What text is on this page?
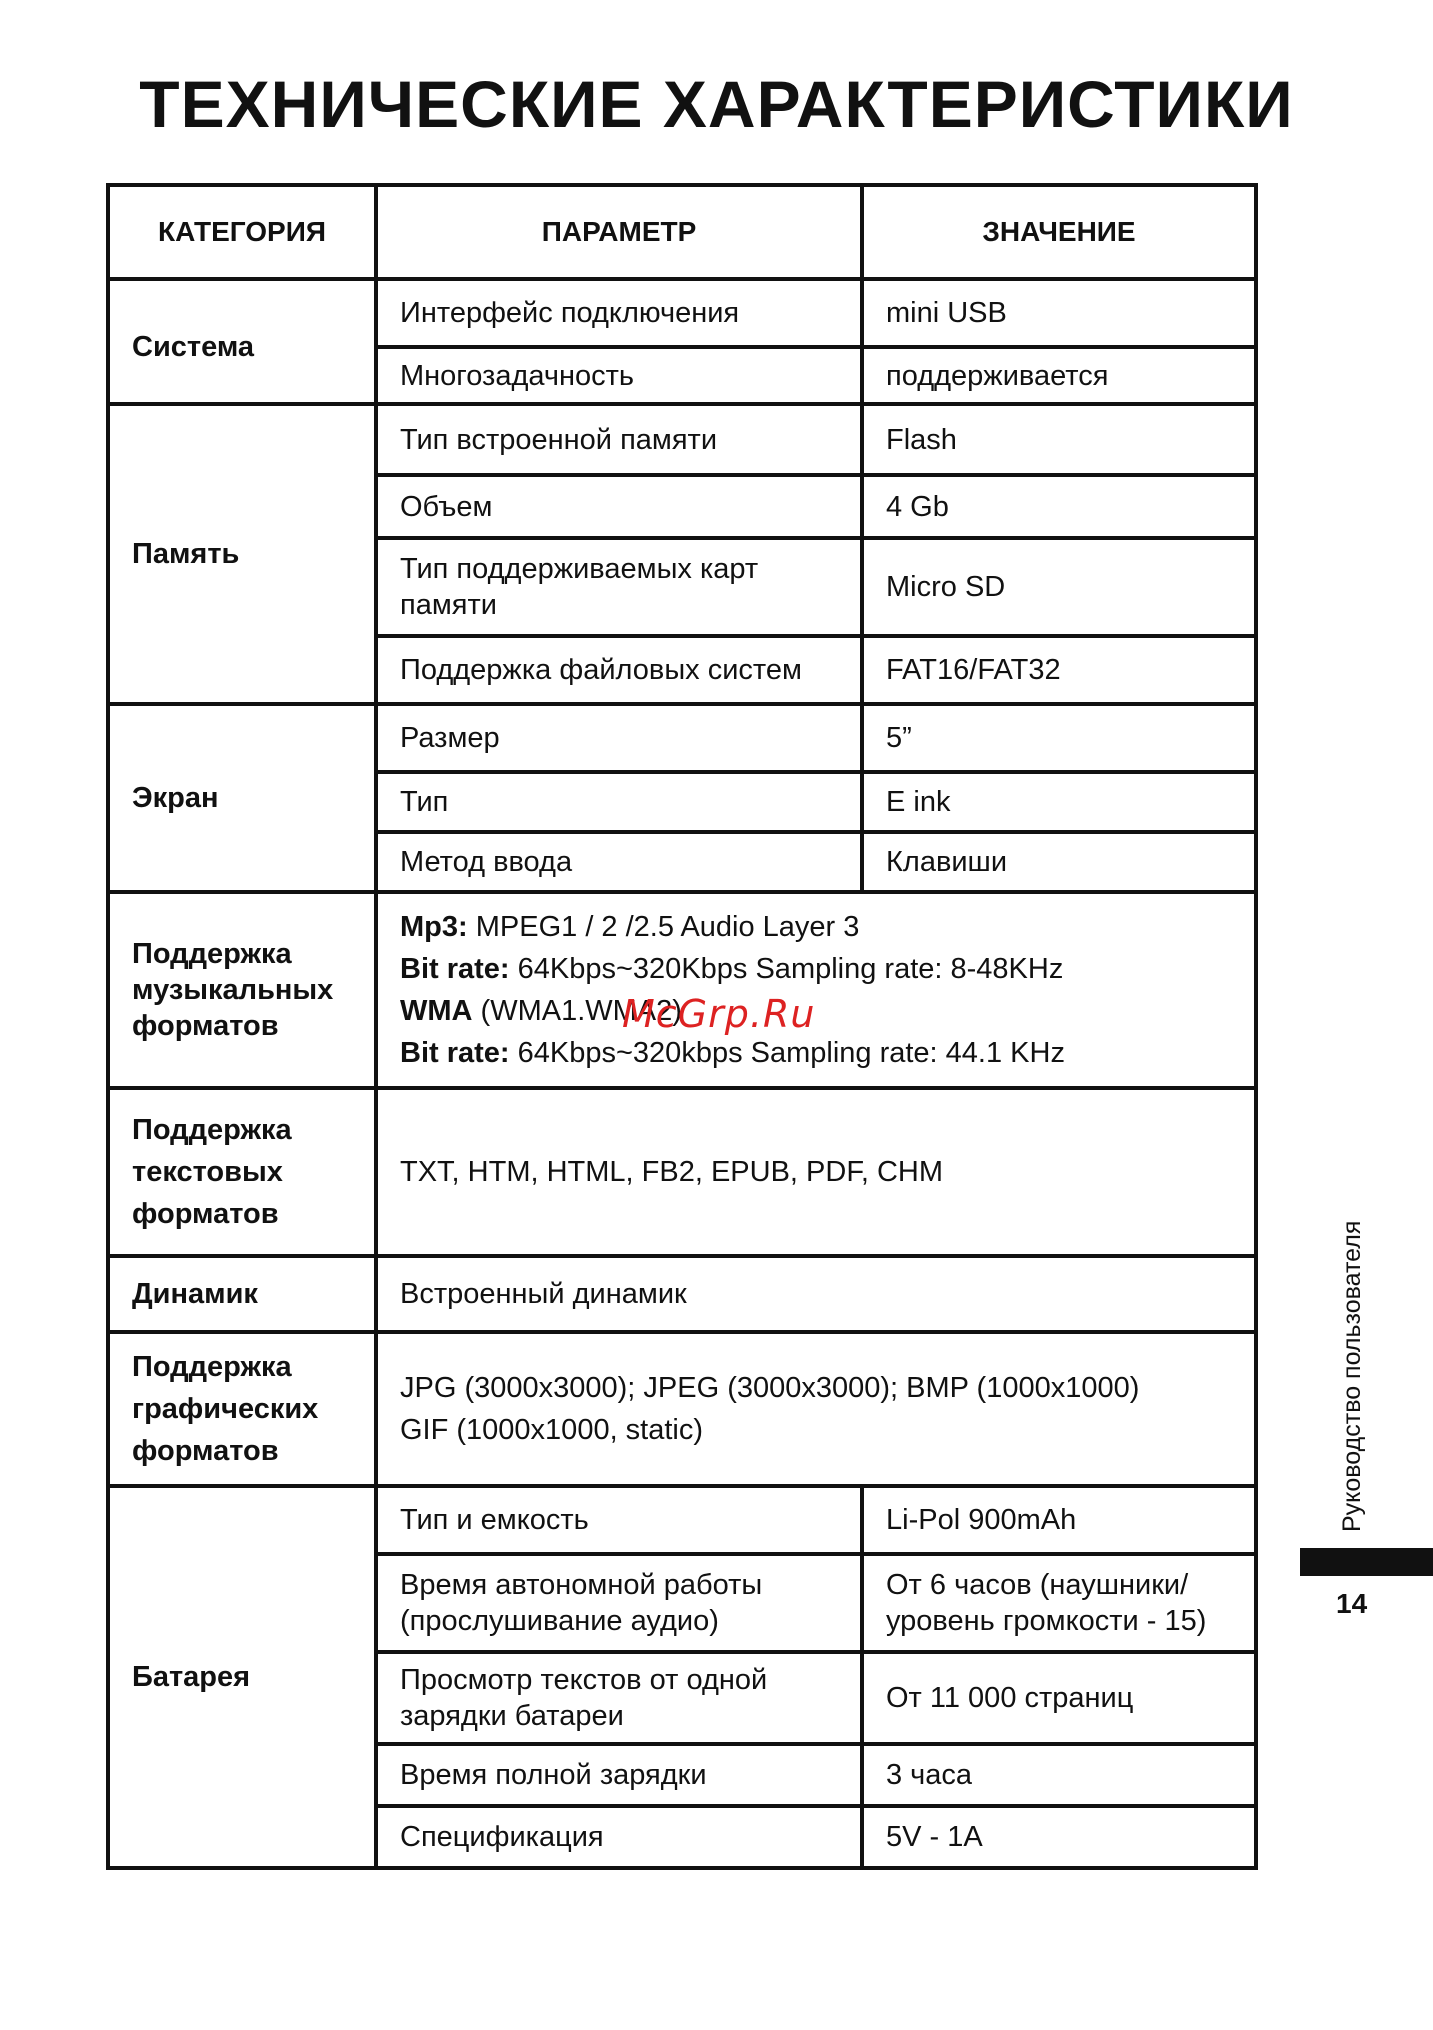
ТЕХНИЧЕСКИЕ ХАРАКТЕРИСТИКИ
КАТЕГОРИЯ	ПАРАМЕТР	ЗНАЧЕНИЕ
Система	Интерфейс подключения	mini USB
	Многозадачность	поддерживается
Память	Тип встроенной памяти	Flash
	Объем	4 Gb
	Тип поддерживаемых карт памяти	Micro SD
	Поддержка файловых систем	FAT16/FAT32
Экран	Размер	5”
	Тип	E ink
	Метод ввода	Клавиши
Поддержка музыкальных форматов	Mp3: MPEG1 / 2 /2.5 Audio Layer 3
Bit rate: 64Kbps~320Kbps Sampling rate: 8-48KHz
WMA (WMA1.WMA2)
Bit rate: 64Kbps~320kbps Sampling rate: 44.1 KHz	

Поддержка текстовых форматов	TXT, HTM, HTML, FB2, EPUB, PDF, CHM	
Динамик	Встроенный динамик	
Поддержка графических форматов	JPG (3000x3000); JPEG (3000x3000); BMP (1000x1000)
GIF (1000x1000, static)	

Батарея	Тип и емкость	Li-Pol 900mAh
	Время автономной работы (прослушивание аудио)	От 6 часов (наушники/ уровень громкости - 15)
	Просмотр текстов от одной зарядки батареи	От 11 000 страниц
	Время полной зарядки	3 часа
	Спецификация	5V - 1A
McGrp.Ru
Руководство пользователя
14
